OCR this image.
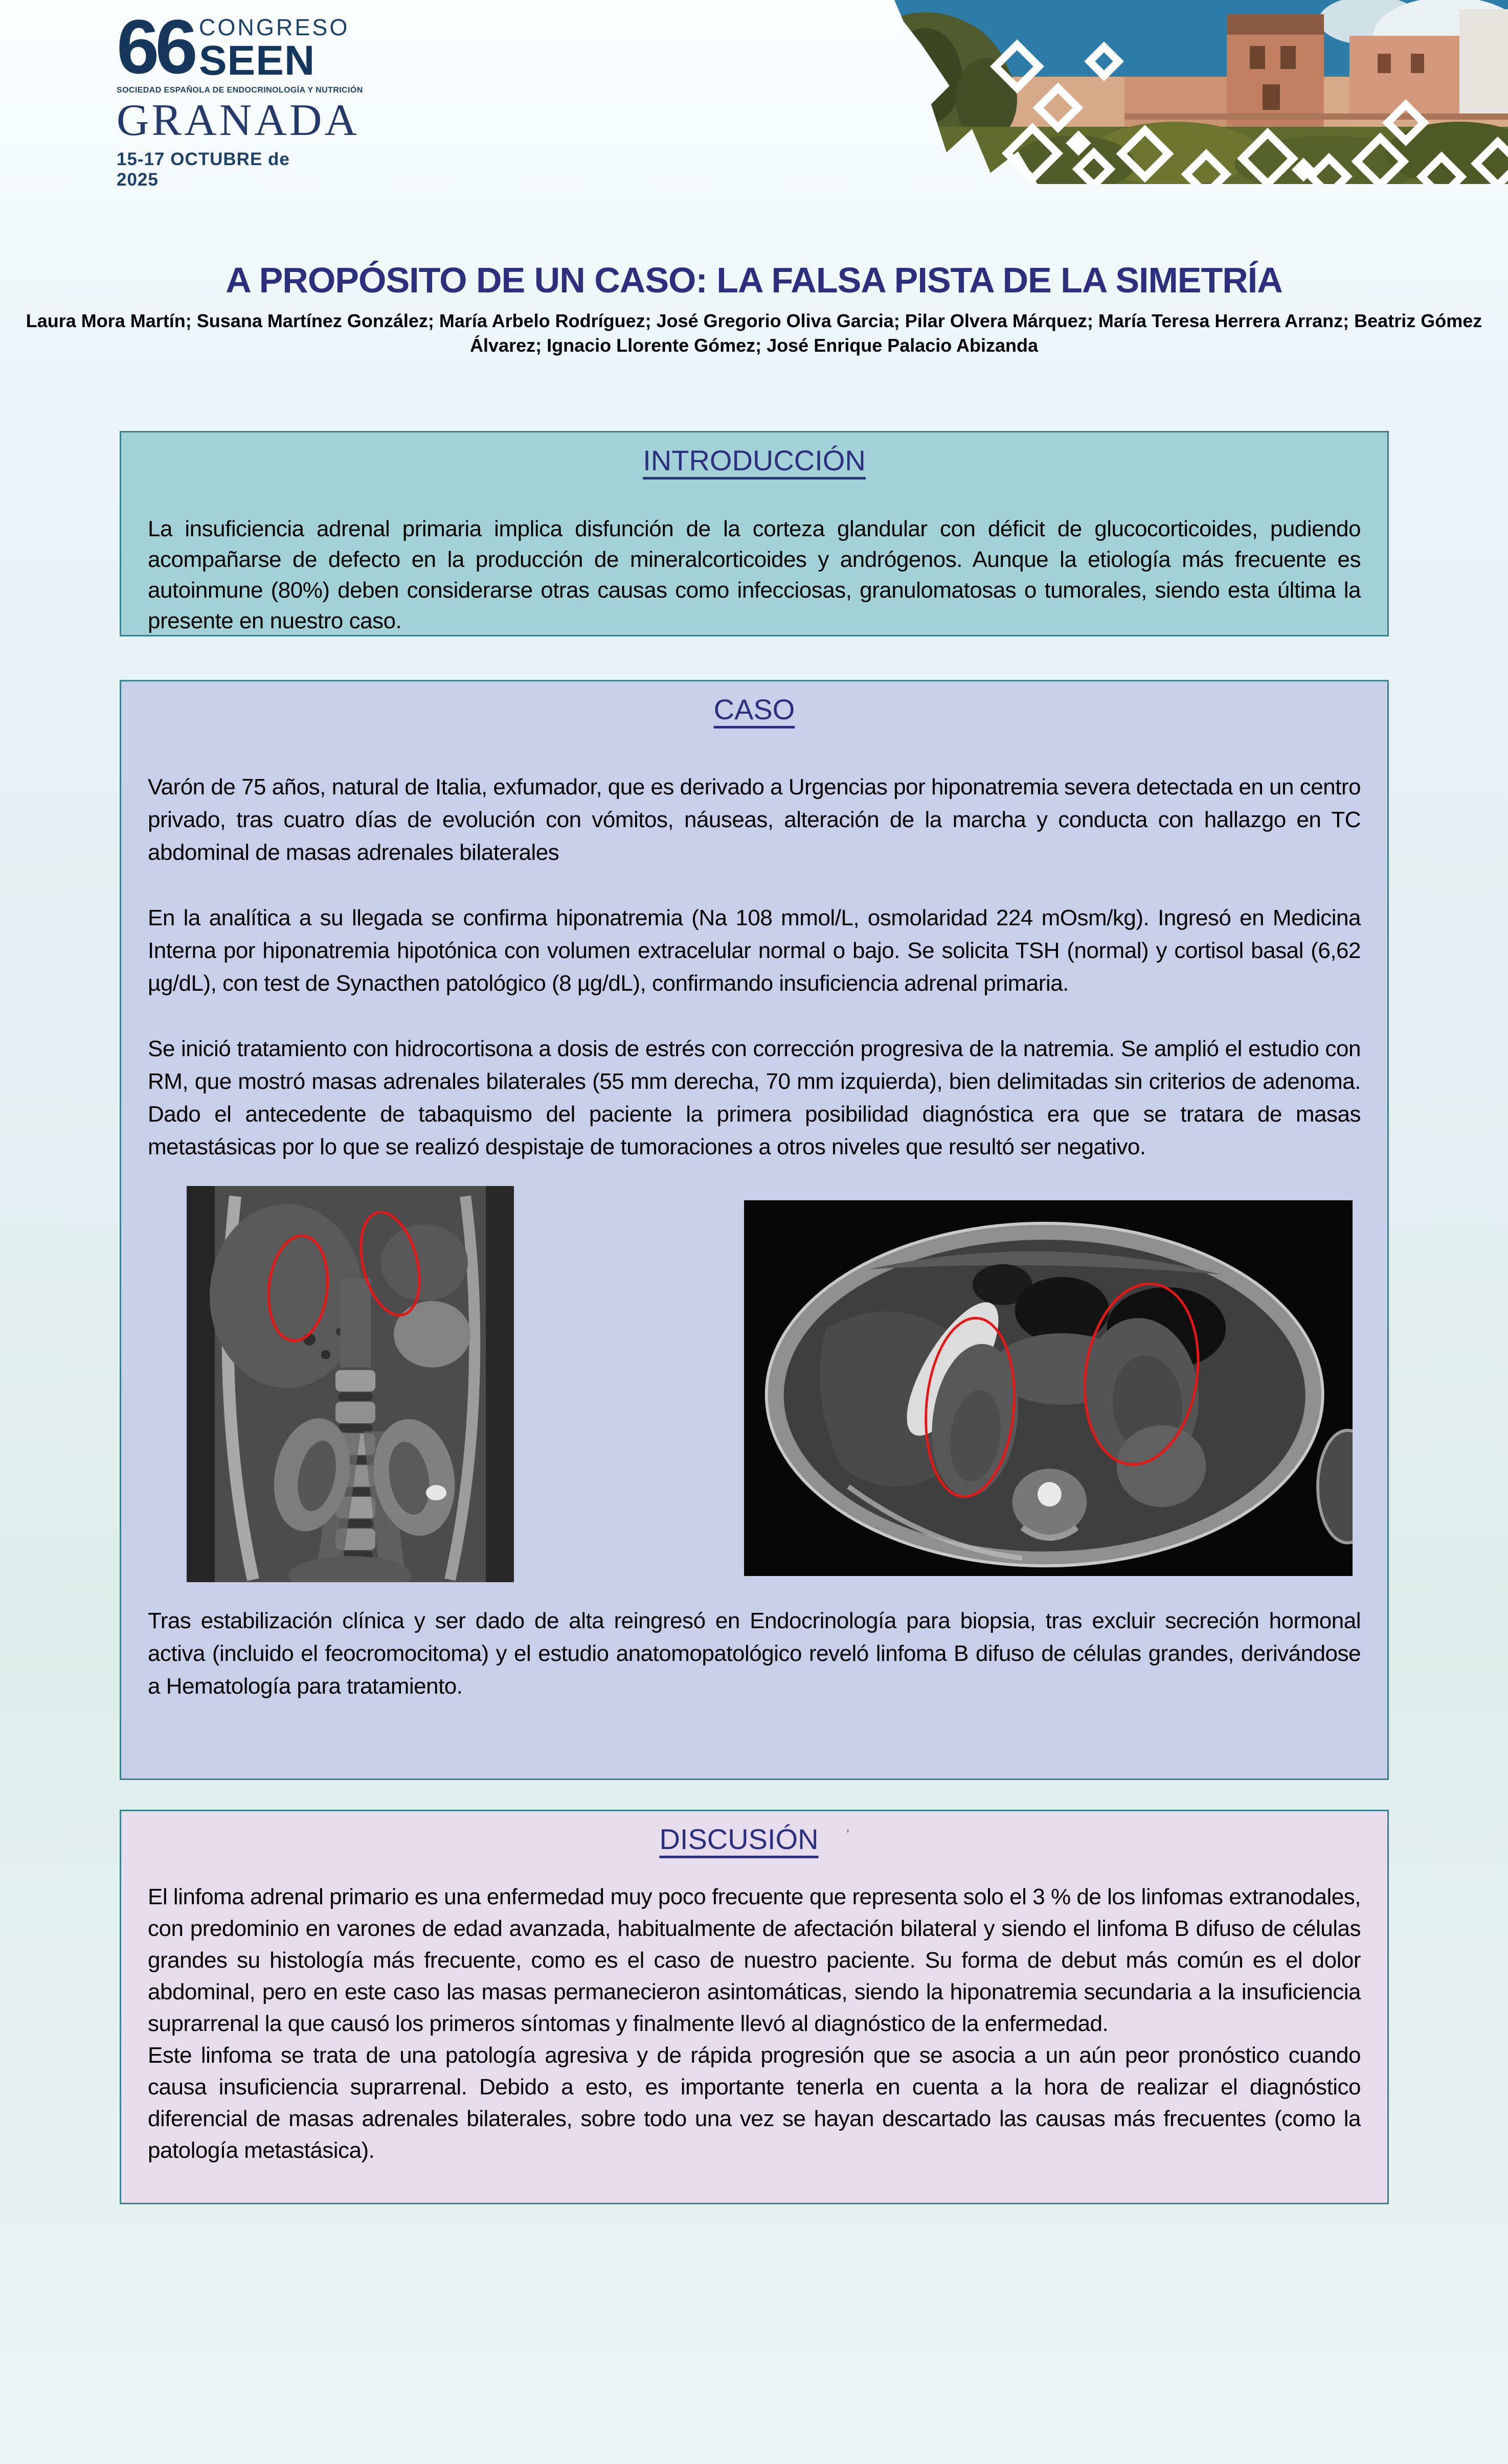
66 CONGRESO
SEEN
SOCIEDAD ESPAÑOLA DE ENDOCRINOLOGÍA Y NUTRICIÓN
GRANADA
15-17 OCTUBRE de 2025
A PROPÓSITO DE UN CASO: LA FALSA PISTA DE LA SIMETRÍA

Laura Mora Martín; Susana Martínez González; María Arbelo Rodríguez; José Gregorio Oliva Garcia; Pilar Olvera Márquez; María Teresa Herrera Arranz; Beatriz Gómez Álvarez; Ignacio Llorente Gómez; José Enrique Palacio Abizanda

INTRODUCCIÓN

La insuficiencia adrenal primaria implica disfunción de la corteza glandular con déficit de glucocorticoides, pudiendo acompañarse de defecto en la producción de mineralcorticoides y andrógenos. Aunque la etiología más frecuente es autoinmune (80%) deben considerarse otras causas como infecciosas, granulomatosas o tumorales, siendo esta última la presente en nuestro caso.

CASO

Varón de 75 años, natural de Italia, exfumador, que es derivado a Urgencias por hiponatremia severa detectada en un centro privado, tras cuatro días de evolución con vómitos, náuseas, alteración de la marcha y conducta con hallazgo en TC abdominal de masas adrenales bilaterales

En la analítica a su llegada se confirma hiponatremia (Na 108 mmol/L, osmolaridad 224 mOsm/kg). Ingresó en Medicina Interna por hiponatremia hipotónica con volumen extracelular normal o bajo. Se solicita TSH (normal) y cortisol basal (6,62 µg/dL), con test de Synacthen patológico (8 µg/dL), confirmando insuficiencia adrenal primaria.

Se inició tratamiento con hidrocortisona a dosis de estrés con corrección progresiva de la natremia. Se amplió el estudio con RM, que mostró masas adrenales bilaterales (55 mm derecha, 70 mm izquierda), bien delimitadas sin criterios de adenoma. Dado el antecedente de tabaquismo del paciente la primera posibilidad diagnóstica era que se tratara de masas metastásicas por lo que se realizó despistaje de tumoraciones a otros niveles que resultó ser negativo.

Tras estabilización clínica y ser dado de alta reingresó en Endocrinología para biopsia, tras excluir secreción hormonal activa (incluido el feocromocitoma) y el estudio anatomopatológico reveló linfoma B difuso de células grandes, derivándose a Hematología para tratamiento.

DISCUSIÓN '

El linfoma adrenal primario es una enfermedad muy poco frecuente que representa solo el 3 % de los linfomas extranodales, con predominio en varones de edad avanzada, habitualmente de afectación bilateral y siendo el linfoma B difuso de células grandes su histología más frecuente, como es el caso de nuestro paciente. Su forma de debut más común es el dolor abdominal, pero en este caso las masas permanecieron asintomáticas, siendo la hiponatremia secundaria a la insuficiencia suprarrenal la que causó los primeros síntomas y finalmente llevó al diagnóstico de la enfermedad.

Este linfoma se trata de una patología agresiva y de rápida progresión que se asocia a un aún peor pronóstico cuando causa insuficiencia suprarrenal. Debido a esto, es importante tenerla en cuenta a la hora de realizar el diagnóstico diferencial de masas adrenales bilaterales, sobre todo una vez se hayan descartado las causas más frecuentes (como la patología metastásica).
